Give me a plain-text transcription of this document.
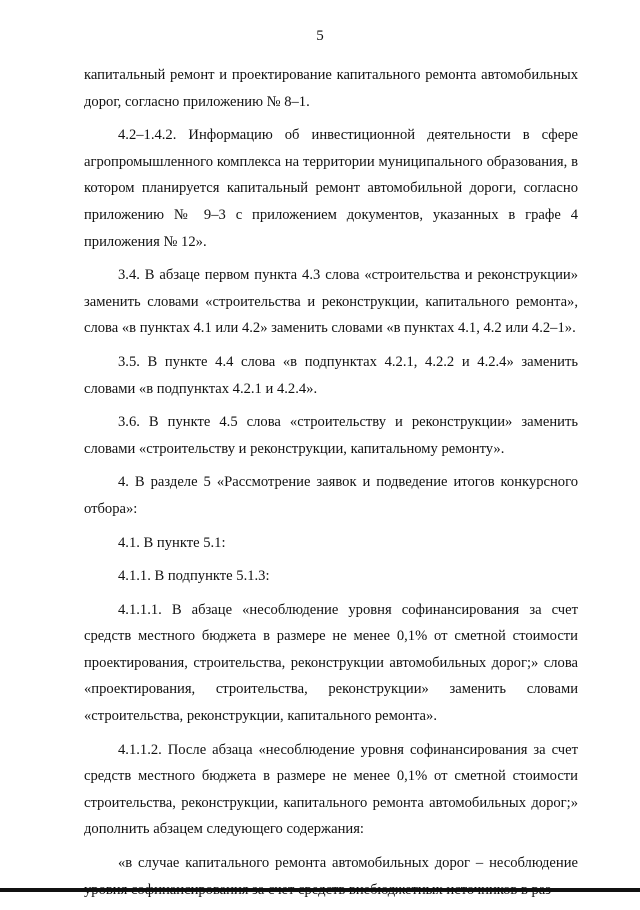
5

капитальный ремонт и проектирование капитального ремонта автомобильных дорог, согласно приложению № 8–1.

4.2–1.4.2. Информацию об инвестиционной деятельности в сфере агропромышленного комплекса на территории муниципального образования, в котором планируется капитальный ремонт автомобильной дороги, согласно приложению № 9–3 с приложением документов, указанных в графе 4 приложения № 12».

3.4. В абзаце первом пункта 4.3 слова «строительства и реконструкции» заменить словами «строительства и реконструкции, капитального ремонта», слова «в пунктах 4.1 или 4.2» заменить словами «в пунктах 4.1, 4.2 или 4.2–1».

3.5. В пункте 4.4 слова «в подпунктах 4.2.1, 4.2.2 и 4.2.4» заменить словами «в подпунктах 4.2.1 и 4.2.4».

3.6. В пункте 4.5 слова «строительству и реконструкции» заменить словами «строительству и реконструкции, капитальному ремонту».

4. В разделе 5 «Рассмотрение заявок и подведение итогов конкурсного отбора»:

4.1. В пункте 5.1:

4.1.1. В подпункте 5.1.3:

4.1.1.1. В абзаце «несоблюдение уровня софинансирования за счет средств местного бюджета в размере не менее 0,1% от сметной стоимости проектирования, строительства, реконструкции автомобильных дорог;» слова «проектирования, строительства, реконструкции» заменить словами «строительства, реконструкции, капитального ремонта».

4.1.1.2. После абзаца «несоблюдение уровня софинансирования за счет средств местного бюджета в размере не менее 0,1% от сметной стоимости строительства, реконструкции, капитального ремонта автомобильных дорог;» дополнить абзацем следующего содержания:

«в случае капитального ремонта автомобильных дорог – несоблюдение
